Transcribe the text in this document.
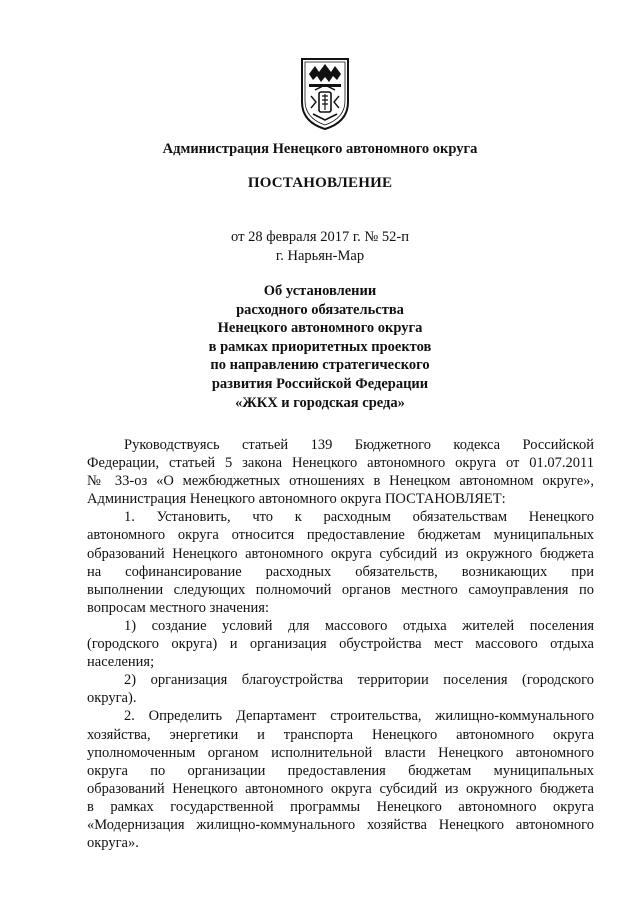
Администрация Ненецкого автономного округа
ПОСТАНОВЛЕНИЕ
от 28 февраля 2017 г. № 52-п
г. Нарьян-Мар
Об установлении
расходного обязательства
Ненецкого автономного округа
в рамках приоритетных проектов
по направлению стратегического
развития Российской Федерации
«ЖКХ и городская среда»
Руководствуясь статьей 139 Бюджетного кодекса Российской
Федерации, статьей 5 закона Ненецкого автономного округа от 01.07.2011
№ 33-оз «О межбюджетных отношениях в Ненецком автономном округе»,
Администрация Ненецкого автономного округа ПОСТАНОВЛЯЕТ:
1. Установить, что к расходным обязательствам Ненецкого
автономного округа относится предоставление бюджетам муниципальных
образований Ненецкого автономного округа субсидий из окружного бюджета
на софинансирование расходных обязательств, возникающих при
выполнении следующих полномочий органов местного самоуправления по
вопросам местного значения:
1) создание условий для массового отдыха жителей поселения
(городского округа) и организация обустройства мест массового отдыха
населения;
2) организация благоустройства территории поселения (городского
округа).
2. Определить Департамент строительства, жилищно-коммунального
хозяйства, энергетики и транспорта Ненецкого автономного округа
уполномоченным органом исполнительной власти Ненецкого автономного
округа по организации предоставления бюджетам муниципальных
образований Ненецкого автономного округа субсидий из окружного бюджета
в рамках государственной программы Ненецкого автономного округа
«Модернизация жилищно-коммунального хозяйства Ненецкого автономного
округа».
